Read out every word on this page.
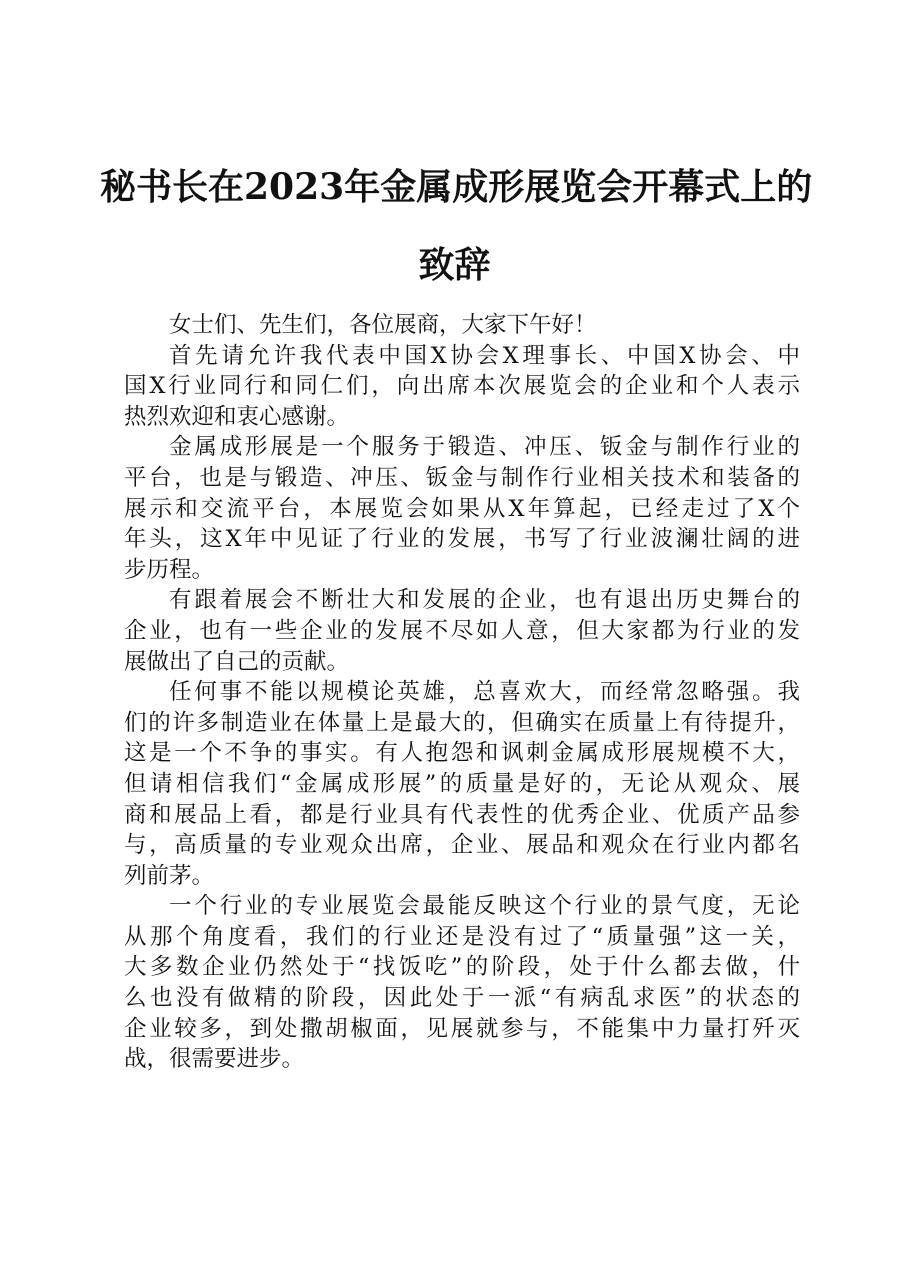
秘书长在2023年金属成形展览会开幕式上的
致辞
女士们、先生们，各位展商，大家下午好！
首先请允许我代表中国X协会X理事长、中国X协会、中
国X行业同行和同仁们，向出席本次展览会的企业和个人表示
热烈欢迎和衷心感谢。
金属成形展是一个服务于锻造、冲压、钣金与制作行业的
平台，也是与锻造、冲压、钣金与制作行业相关技术和装备的
展示和交流平台，本展览会如果从X年算起，已经走过了X个
年头，这X年中见证了行业的发展，书写了行业波澜壮阔的进
步历程。
有跟着展会不断壮大和发展的企业，也有退出历史舞台的
企业，也有一些企业的发展不尽如人意，但大家都为行业的发
展做出了自己的贡献。
任何事不能以规模论英雄，总喜欢大，而经常忽略强。我
们的许多制造业在体量上是最大的，但确实在质量上有待提升，
这是一个不争的事实。有人抱怨和讽刺金属成形展规模不大，
但请相信我们“金属成形展”的质量是好的，无论从观众、展
商和展品上看，都是行业具有代表性的优秀企业、优质产品参
与，高质量的专业观众出席，企业、展品和观众在行业内都名
列前茅。
一个行业的专业展览会最能反映这个行业的景气度，无论
从那个角度看，我们的行业还是没有过了“质量强”这一关，
大多数企业仍然处于“找饭吃”的阶段，处于什么都去做，什
么也没有做精的阶段，因此处于一派“有病乱求医”的状态的
企业较多，到处撒胡椒面，见展就参与，不能集中力量打歼灭
战，很需要进步。
